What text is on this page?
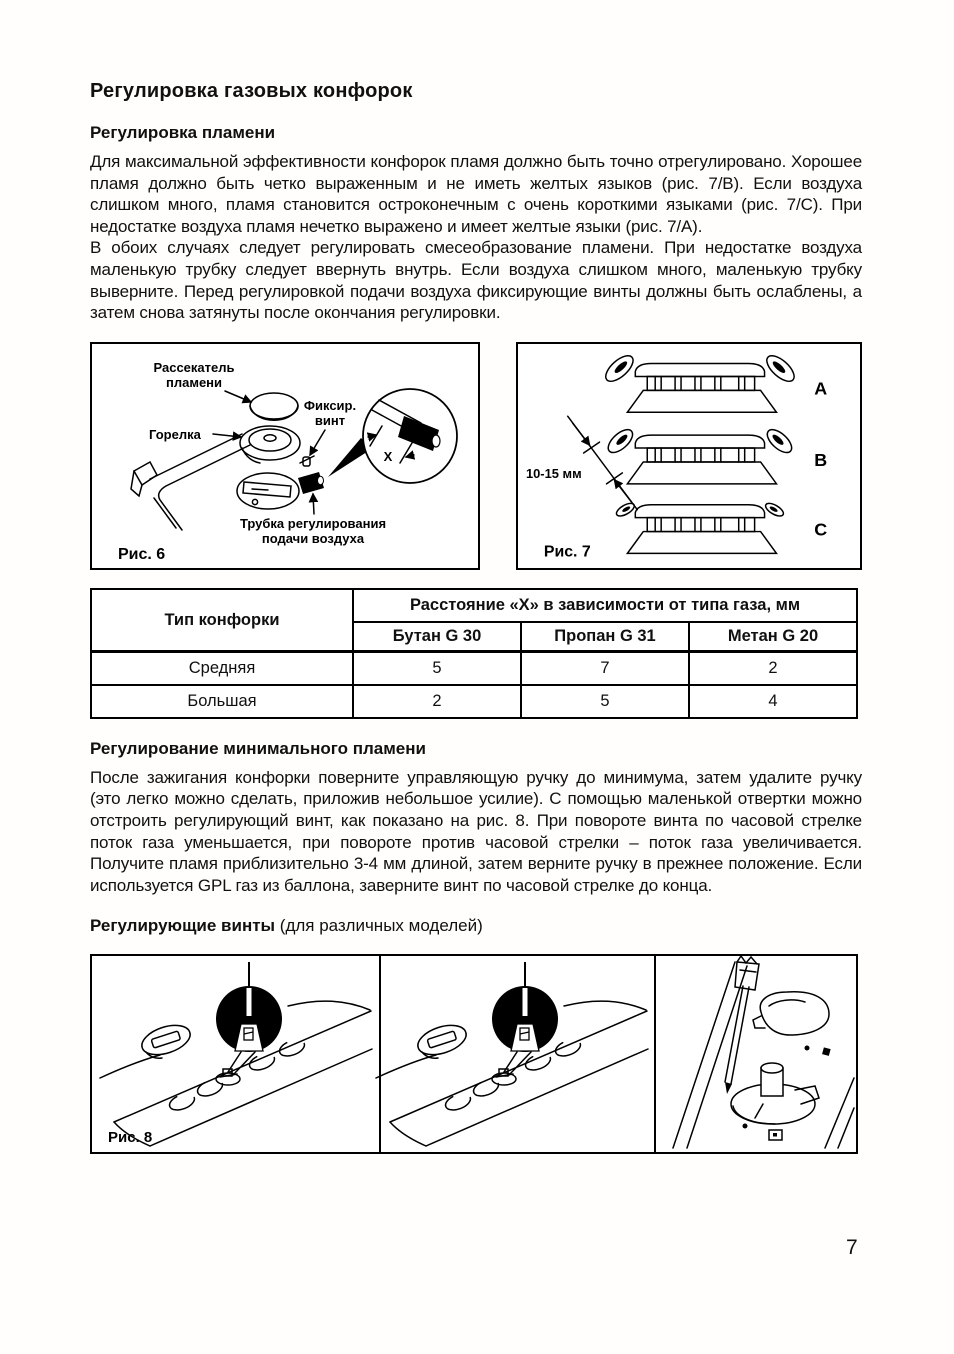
Регулировка газовых конфорок
Регулировка пламени

Для максимальной эффективности конфорок пламя должно быть точно отрегулировано. Хорошее пламя должно быть четко выраженным и не иметь желтых языков (рис. 7/B). Если воздуха слишком много, пламя становится остроконечным с очень короткими языками (рис. 7/C). При недостатке воздуха пламя нечетко выражено и имеет желтые языки (рис. 7/A).

В обоих случаях следует регулировать смесеобразование пламени. При недостатке воздуха маленькую трубку следует ввернуть внутрь. Если воздуха слишком много, маленькую трубку выверните. Перед регулировкой подачи воздуха фиксирующие винты должны быть ослаблены, а затем снова затянуты после окончания регулировки.

X
Рассекатель
пламени
Горелка
Фиксир.
винт
Трубка регулирования
подачи воздуха
Рис. 6
A
B
C
10-15 мм
Рис. 7
Тип конфорки	Расстояние «X» в зависимости от типа газа, мм		
	Бутан G 30	Пропан G 31	Метан G 20
Средняя	5	7	2
Большая	2	5	4
Регулирование минимального пламени

После зажигания конфорки поверните управляющую ручку до минимума, затем удалите ручку (это легко можно сделать, приложив небольшое усилие). С помощью маленькой отвертки можно отстроить регулирующий винт, как показано на рис. 8. При повороте винта по часовой стрелке поток газа уменьшается, при повороте против часовой стрелки – поток газа увеличивается. Получите пламя приблизительно 3-4 мм длиной, затем верните ручку в прежнее положение. Если используется GPL газ из баллона, заверните винт по часовой стрелке до конца.

Регулирующие винты (для различных моделей)
Рис. 8
7
